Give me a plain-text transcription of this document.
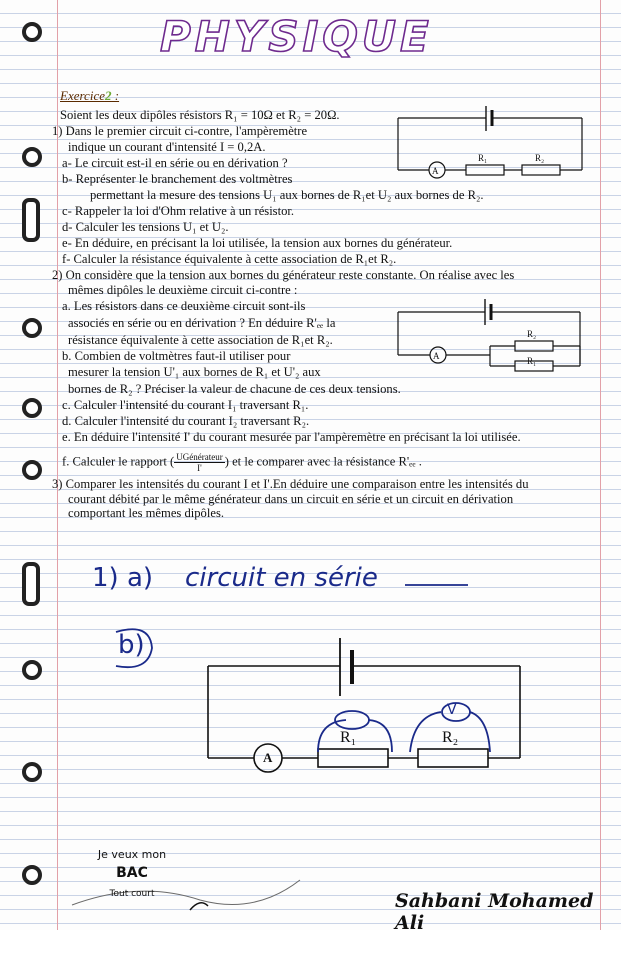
PHYSIQUE
Exercice2 :
Soient les deux dipôles résistors R₁ = 10Ω et R₂ = 20Ω.
1) Dans le premier circuit ci-contre, l'ampèremètre
indique un courant d'intensité I = 0,2A.
a- Le circuit est-il en série ou en dérivation ?
b- Représenter le branchement des voltmètres
permettant la mesure des tensions U₁ aux bornes de R₁et U₂ aux bornes de R₂.
c- Rappeler la loi d'Ohm relative à un résistor.
d- Calculer les tensions U₁ et U₂.
e- En déduire, en précisant la loi utilisée, la tension aux bornes du générateur.
f- Calculer la résistance équivalente à cette association de R₁et R₂.
2) On considère que la tension aux bornes du générateur reste constante. On réalise avec les
mêmes dipôles le deuxième circuit ci-contre :
a. Les résistors dans ce deuxième circuit sont-ils
associés en série ou en dérivation ? En déduire R'ₑₑ la
résistance équivalente à cette association de R₁et R₂.
b. Combien de voltmètres faut-il utiliser pour
mesurer la tension U'₁ aux bornes de R₁ et U'₂ aux
bornes de R₂ ? Préciser la valeur de chacune de ces deux tensions.
c. Calculer l'intensité du courant I₁ traversant R₁.
d. Calculer l'intensité du courant I₂ traversant R₂.
e. En déduire l'intensité I' du courant mesurée par l'ampèremètre en précisant la loi utilisée.
f. Calculer le rapport ( $\frac{\text{UGénérateur}}{I'}$ ) et le comparer avec la résistance R'ₑₑ .
3) Comparer les intensités du courant I et I'.En déduire une comparaison entre les intensités du
courant débité par le même générateur dans un circuit en série et un circuit en dérivation
comportant les mêmes dipôles.
A
R₁	R₂
A
R₂
R₁
A
R₁	R₂
V
1) a) circuit en série
b)
Je veux mon
BAC
Tout court	Sahbani Mohamed Ali
